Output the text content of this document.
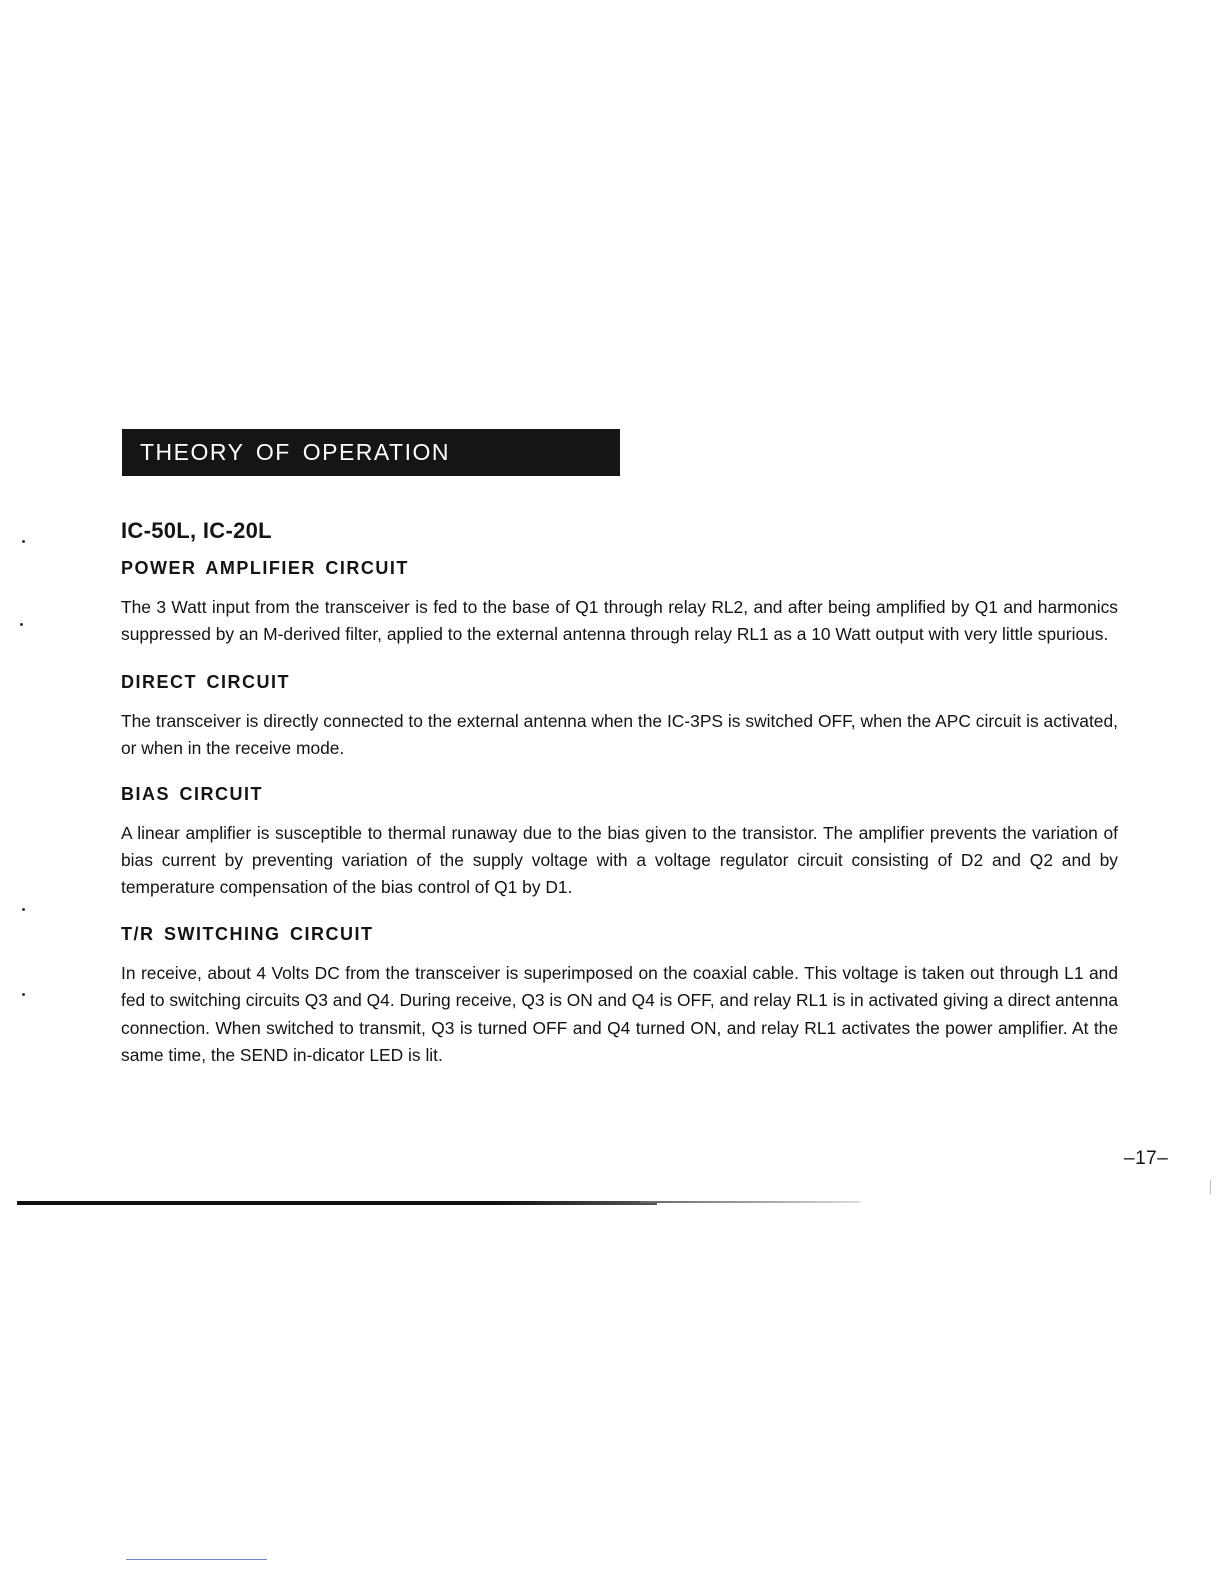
THEORY OF OPERATION
IC-50L, IC-20L
POWER AMPLIFIER CIRCUIT

The 3 Watt input from the transceiver is fed to the base of Q1 through relay RL2, and after being amplified by Q1 and harmonics suppressed by an M-derived filter, applied to the external antenna through relay RL1 as a 10 Watt output with very little spurious.

DIRECT CIRCUIT

The transceiver is directly connected to the external antenna when the IC-3PS is switched OFF, when the APC circuit is activated, or when in the receive mode.

BIAS CIRCUIT

A linear amplifier is susceptible to thermal runaway due to the bias given to the transistor. The amplifier prevents the variation of bias current by preventing variation of the supply voltage with a voltage regulator circuit consisting of D2 and Q2 and by temperature compensation of the bias control of Q1 by D1.

T/R SWITCHING CIRCUIT

In receive, about 4 Volts DC from the transceiver is superimposed on the coaxial cable. This voltage is taken out through L1 and fed to switching circuits Q3 and Q4. During receive, Q3 is ON and Q4 is OFF, and relay RL1 is in activated giving a direct antenna connection. When switched to transmit, Q3 is turned OFF and Q4 turned ON, and relay RL1 activates the power amplifier. At the same time, the SEND in-dicator LED is lit.

–17–
